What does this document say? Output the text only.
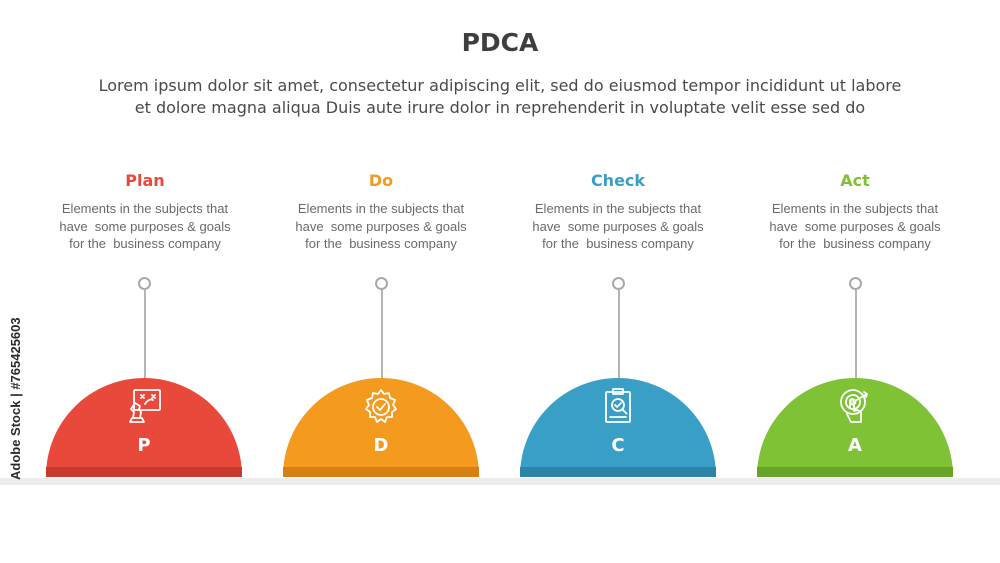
PDCA
Lorem ipsum dolor sit amet, consectetur adipiscing elit, sed do eiusmod tempor incididunt ut labore
et dolore magna aliqua Duis aute irure dolor in reprehenderit in voluptate velit esse sed do
Plan
Elements in the subjects that
have  some purposes & goals
for the  business company
P
Do
Elements in the subjects that
have  some purposes & goals
for the  business company
D
Check
Elements in the subjects that
have  some purposes & goals
for the  business company
C
Act
Elements in the subjects that
have  some purposes & goals
for the  business company
A
Adobe Stock | #765425603
